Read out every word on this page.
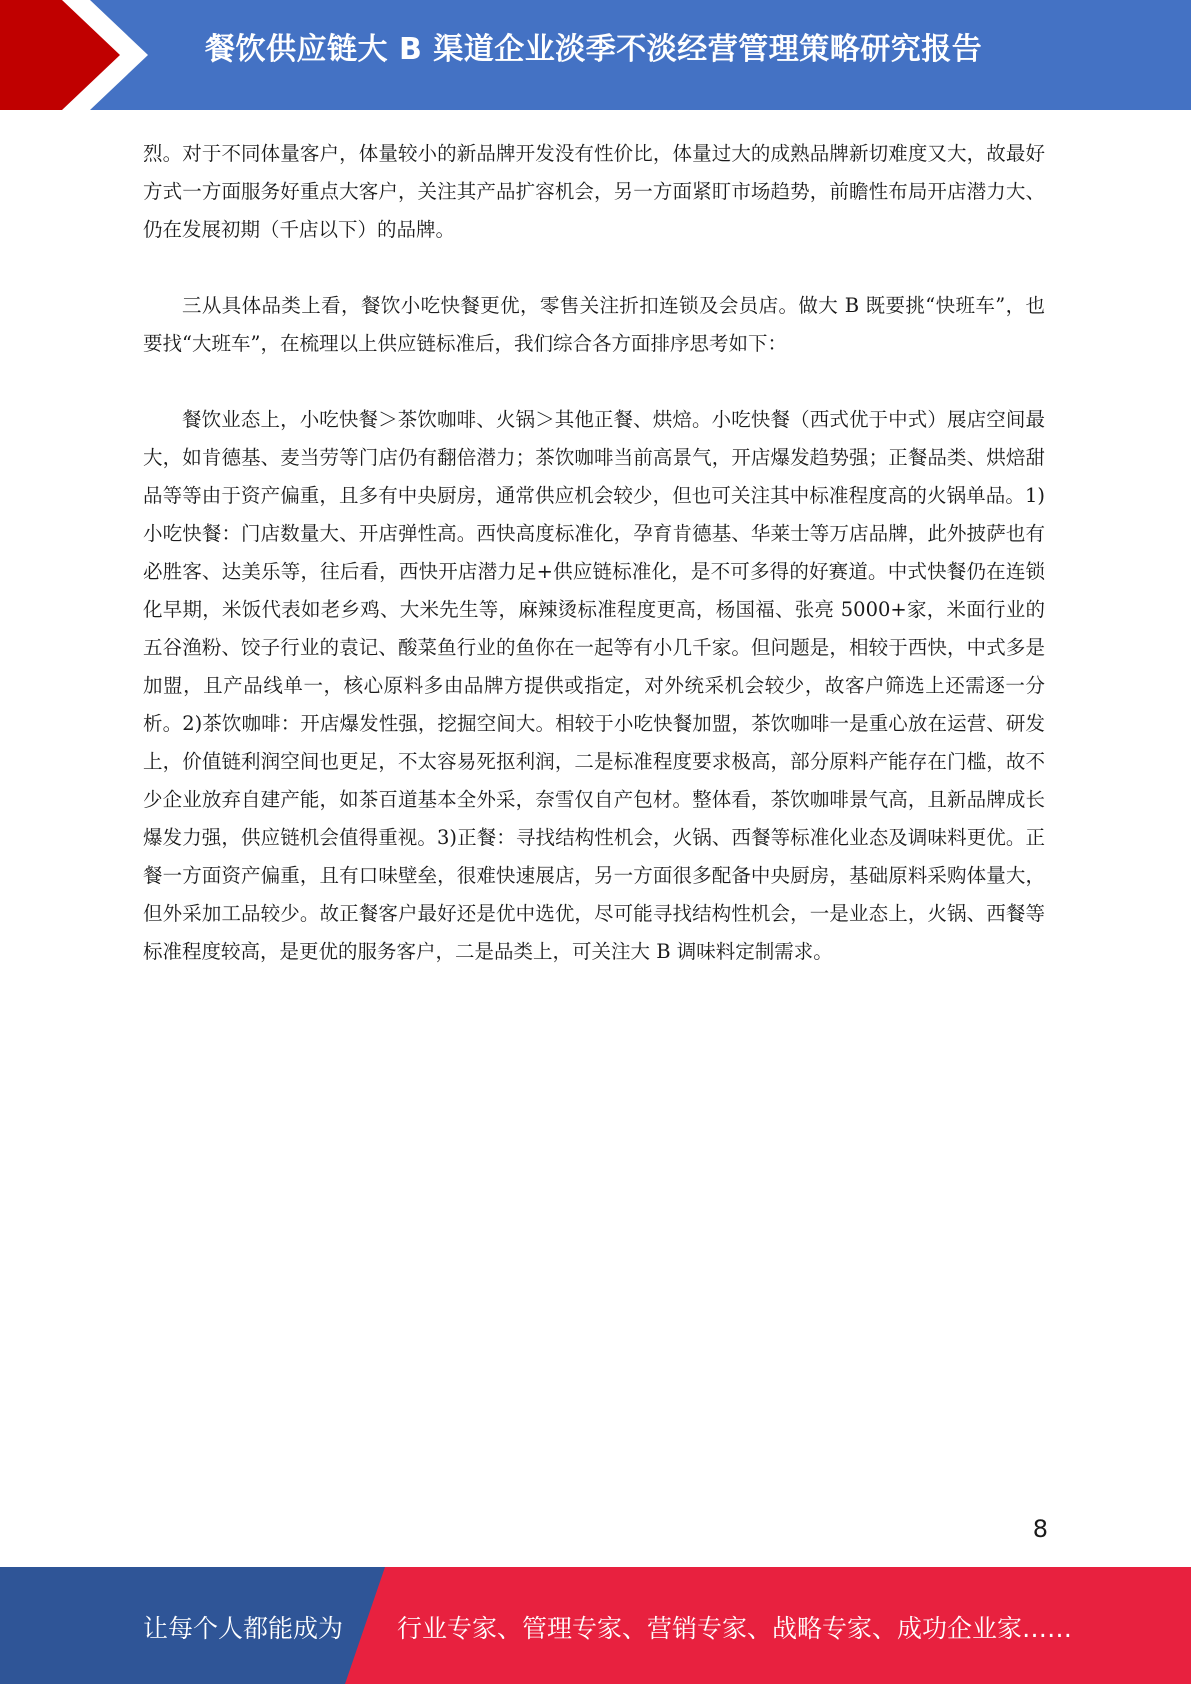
餐饮供应链大 B 渠道企业淡季不淡经营管理策略研究报告

烈。对于不同体量客户，体量较小的新品牌开发没有性价比，体量过大的成熟品牌新切难度又大，故最好方式一方面服务好重点大客户，关注其产品扩容机会，另一方面紧盯市场趋势，前瞻性布局开店潜力大、仍在发展初期（千店以下）的品牌。

三从具体品类上看，餐饮小吃快餐更优，零售关注折扣连锁及会员店。做大 B 既要挑“快班车”，也要找“大班车”，在梳理以上供应链标准后，我们综合各方面排序思考如下：

餐饮业态上，小吃快餐＞茶饮咖啡、火锅＞其他正餐、烘焙。小吃快餐（西式优于中式）展店空间最大，如肯德基、麦当劳等门店仍有翻倍潜力；茶饮咖啡当前高景气，开店爆发趋势强；正餐品类、烘焙甜品等等由于资产偏重，且多有中央厨房，通常供应机会较少，但也可关注其中标准程度高的火锅单品。1)小吃快餐：门店数量大、开店弹性高。西快高度标准化，孕育肯德基、华莱士等万店品牌，此外披萨也有必胜客、达美乐等，往后看，西快开店潜力足+供应链标准化，是不可多得的好赛道。中式快餐仍在连锁化早期，米饭代表如老乡鸡、大米先生等，麻辣烫标准程度更高，杨国福、张亮 5000+家，米面行业的五谷渔粉、饺子行业的袁记、酸菜鱼行业的鱼你在一起等有小几千家。但问题是，相较于西快，中式多是加盟，且产品线单一，核心原料多由品牌方提供或指定，对外统采机会较少，故客户筛选上还需逐一分析。2)茶饮咖啡：开店爆发性强，挖掘空间大。相较于小吃快餐加盟，茶饮咖啡一是重心放在运营、研发上，价值链利润空间也更足，不太容易死抠利润，二是标准程度要求极高，部分原料产能存在门槛，故不少企业放弃自建产能，如茶百道基本全外采，奈雪仅自产包材。整体看，茶饮咖啡景气高，且新品牌成长爆发力强，供应链机会值得重视。3)正餐：寻找结构性机会，火锅、西餐等标准化业态及调味料更优。正餐一方面资产偏重，且有口味壁垒，很难快速展店，另一方面很多配备中央厨房，基础原料采购体量大，但外采加工品较少。故正餐客户最好还是优中选优，尽可能寻找结构性机会，一是业态上，火锅、西餐等标准程度较高，是更优的服务客户，二是品类上，可关注大 B 调味料定制需求。

8
让每个人都能成为 行业专家、管理专家、营销专家、战略专家、成功企业家……
